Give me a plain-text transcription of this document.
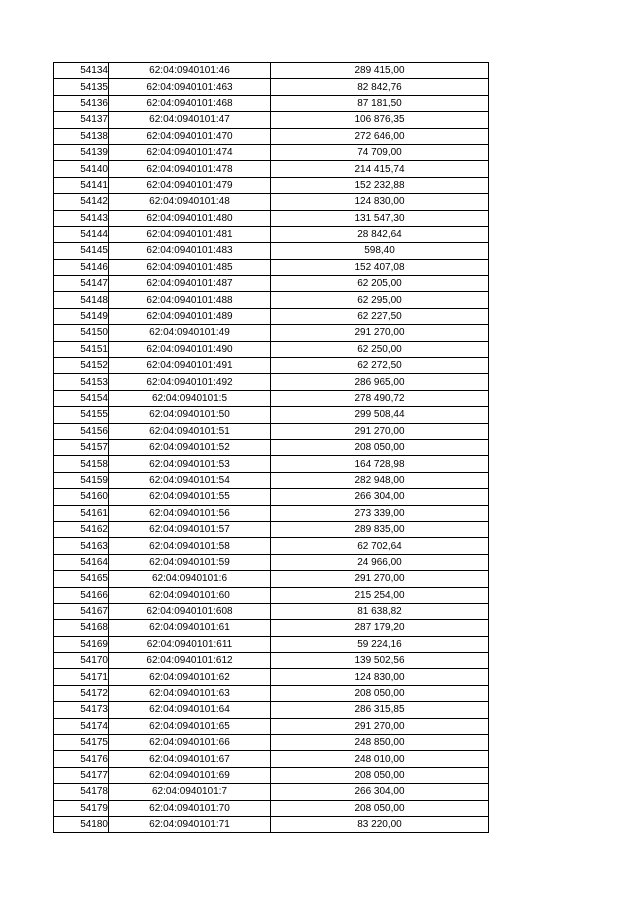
54134	62:04:0940101:46	289 415,00
54135	62:04:0940101:463	82 842,76
54136	62:04:0940101:468	87 181,50
54137	62:04:0940101:47	106 876,35
54138	62:04:0940101:470	272 646,00
54139	62:04:0940101:474	74 709,00
54140	62:04:0940101:478	214 415,74
54141	62:04:0940101:479	152 232,88
54142	62:04:0940101:48	124 830,00
54143	62:04:0940101:480	131 547,30
54144	62:04:0940101:481	28 842,64
54145	62:04:0940101:483	598,40
54146	62:04:0940101:485	152 407,08
54147	62:04:0940101:487	62 205,00
54148	62:04:0940101:488	62 295,00
54149	62:04:0940101:489	62 227,50
54150	62:04:0940101:49	291 270,00
54151	62:04:0940101:490	62 250,00
54152	62:04:0940101:491	62 272,50
54153	62:04:0940101:492	286 965,00
54154	62:04:0940101:5	278 490,72
54155	62:04:0940101:50	299 508,44
54156	62:04:0940101:51	291 270,00
54157	62:04:0940101:52	208 050,00
54158	62:04:0940101:53	164 728,98
54159	62:04:0940101:54	282 948,00
54160	62:04:0940101:55	266 304,00
54161	62:04:0940101:56	273 339,00
54162	62:04:0940101:57	289 835,00
54163	62:04:0940101:58	62 702,64
54164	62:04:0940101:59	24 966,00
54165	62:04:0940101:6	291 270,00
54166	62:04:0940101:60	215 254,00
54167	62:04:0940101:608	81 638,82
54168	62:04:0940101:61	287 179,20
54169	62:04:0940101:611	59 224,16
54170	62:04:0940101:612	139 502,56
54171	62:04:0940101:62	124 830,00
54172	62:04:0940101:63	208 050,00
54173	62:04:0940101:64	286 315,85
54174	62:04:0940101:65	291 270,00
54175	62:04:0940101:66	248 850,00
54176	62:04:0940101:67	248 010,00
54177	62:04:0940101:69	208 050,00
54178	62:04:0940101:7	266 304,00
54179	62:04:0940101:70	208 050,00
54180	62:04:0940101:71	83 220,00
